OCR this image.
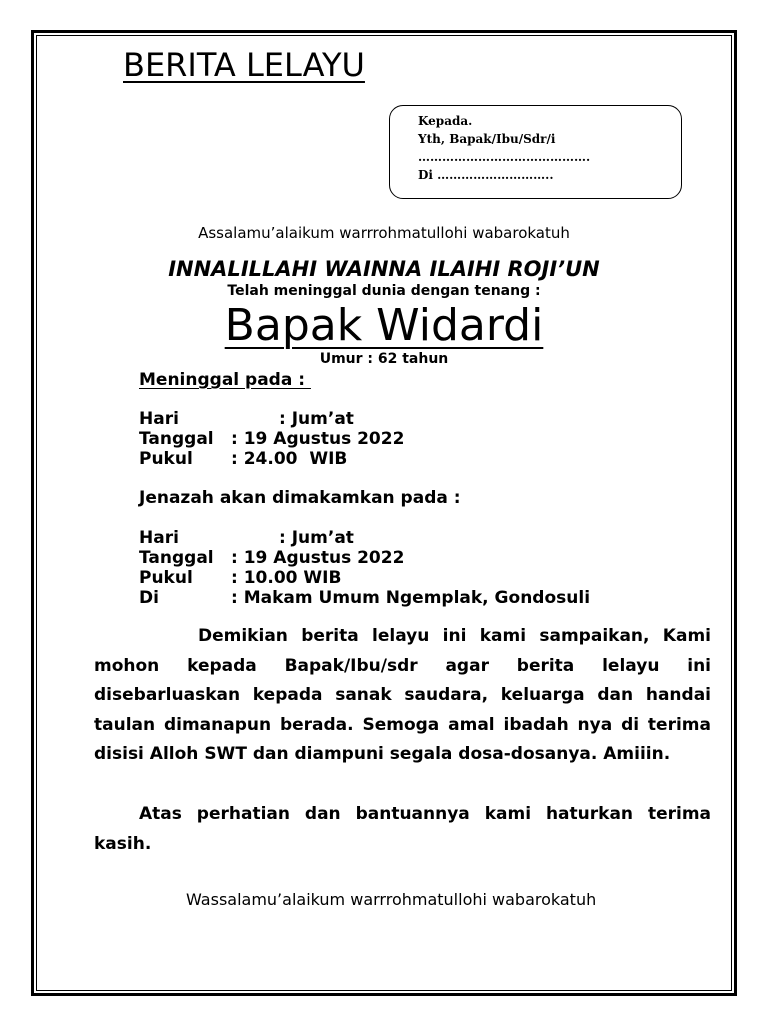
BERITA LELAYU
Kepada.
Yth, Bapak/Ibu/Sdr/i
…………………………………….
Di ………………………..
Assalamu’alaikum warrrohmatullohi wabarokatuh
INNALILLAHI WAINNA ILAIHI ROJI’UN
Telah meninggal dunia dengan tenang :
Bapak Widardi
Umur : 62 tahun
Meninggal pada :
Hari	: Jum’at
Tanggal : 19 Agustus 2022
Pukul : 24.00  WIB
Jenazah akan dimakamkan pada :
Hari	: Jum’at
Tanggal : 19 Agustus 2022
Pukul : 10.00 WIB
Di	: Makam Umum Ngemplak, Gondosuli
Demikian berita lelayu ini kami sampaikan, Kami mohon kepada Bapak/Ibu/sdr agar berita lelayu ini disebarluaskan kepada sanak saudara, keluarga dan handai taulan dimanapun berada. Semoga amal ibadah nya di terima disisi Alloh SWT dan diampuni segala dosa-dosanya. Amiiin.
Atas perhatian dan bantuannya kami haturkan terima kasih.
Wassalamu’alaikum warrrohmatullohi wabarokatuh
